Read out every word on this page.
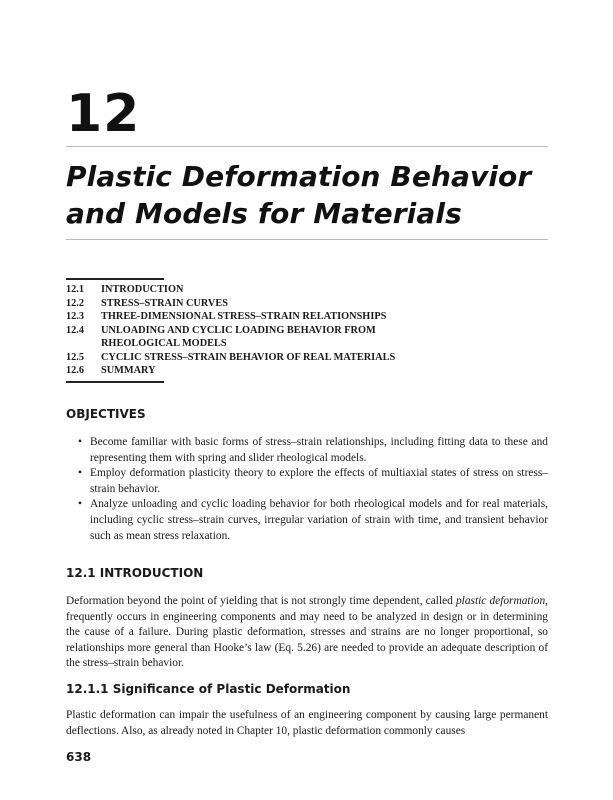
12
Plastic Deformation Behavior
and Models for Materials
12.1	INTRODUCTION
12.2	STRESS–STRAIN CURVES
12.3	THREE-DIMENSIONAL STRESS–STRAIN RELATIONSHIPS
12.4	UNLOADING AND CYCLIC LOADING BEHAVIOR FROM
RHEOLOGICAL MODELS
12.5	CYCLIC STRESS–STRAIN BEHAVIOR OF REAL MATERIALS
12.6	SUMMARY
OBJECTIVES
• Become familiar with basic forms of stress–strain relationships, including fitting data to these and representing them with spring and slider rheological models.
• Employ deformation plasticity theory to explore the effects of multiaxial states of stress on stress–strain behavior.
• Analyze unloading and cyclic loading behavior for both rheological models and for real materials, including cyclic stress–strain curves, irregular variation of strain with time, and transient behavior such as mean stress relaxation.
12.1 INTRODUCTION
Deformation beyond the point of yielding that is not strongly time dependent, called plastic deformation, frequently occurs in engineering components and may need to be analyzed in design or in determining the cause of a failure. During plastic deformation, stresses and strains are no longer proportional, so relationships more general than Hooke’s law (Eq. 5.26) are needed to provide an adequate description of the stress–strain behavior.
12.1.1 Significance of Plastic Deformation
Plastic deformation can impair the usefulness of an engineering component by causing large permanent deflections. Also, as already noted in Chapter 10, plastic deformation commonly causes
638
